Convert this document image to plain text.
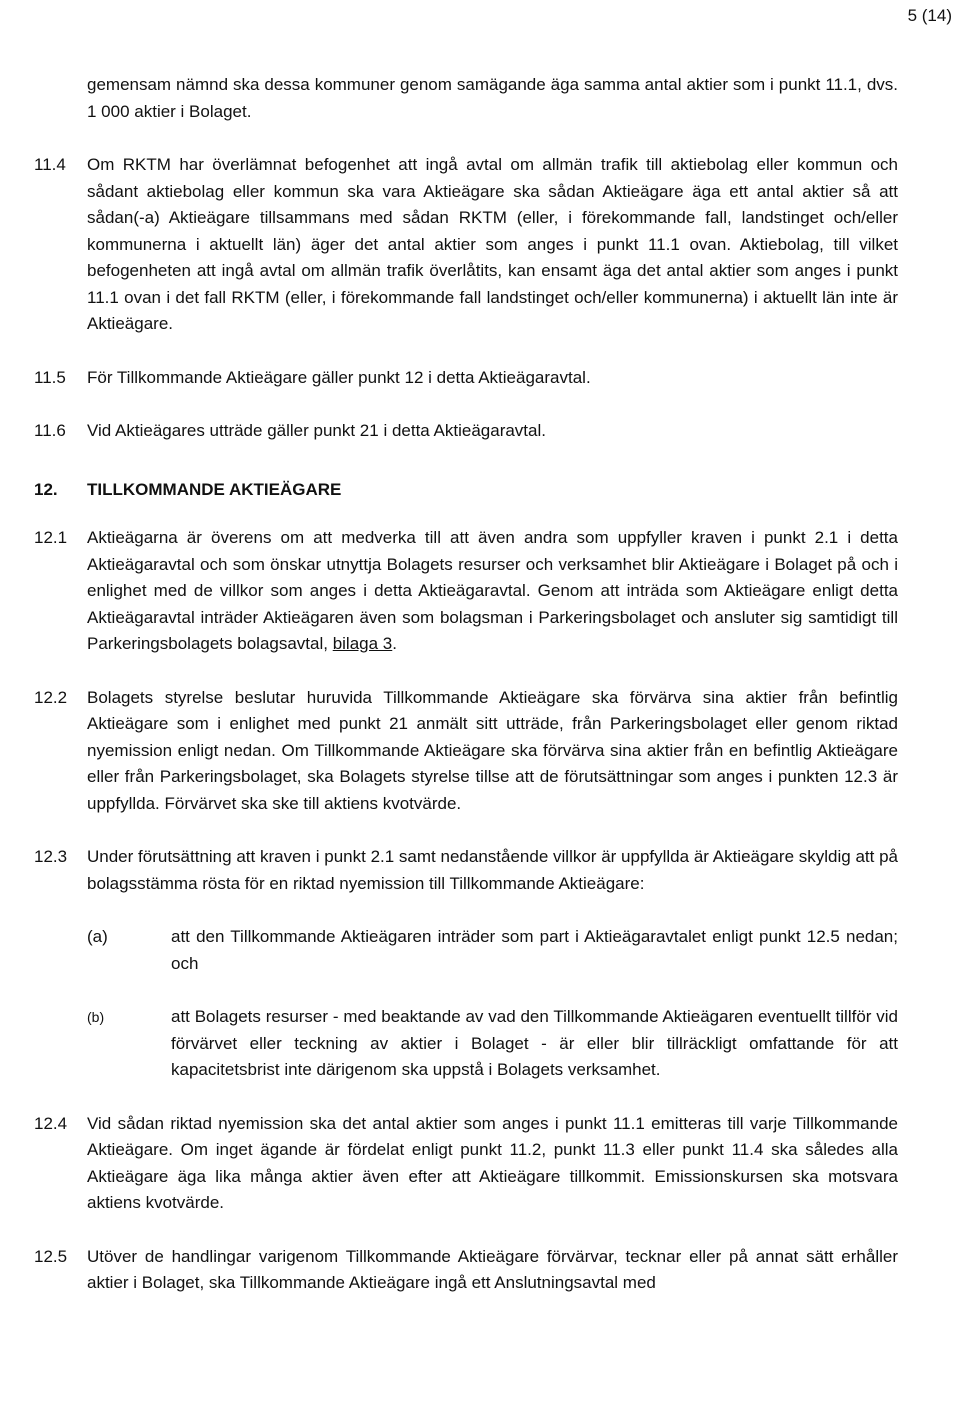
5 (14)
gemensam nämnd ska dessa kommuner genom samägande äga samma antal aktier som i punkt 11.1, dvs. 1 000 aktier i Bolaget.
11.4	Om RKTM har överlämnat befogenhet att ingå avtal om allmän trafik till aktiebolag eller kommun och sådant aktiebolag eller kommun ska vara Aktieägare ska sådan Aktieägare äga ett antal aktier så att sådan(-a) Aktieägare tillsammans med sådan RKTM (eller, i förekommande fall, landstinget och/eller kommunerna i aktuellt län) äger det antal aktier som anges i punkt 11.1 ovan. Aktiebolag, till vilket befogenheten att ingå avtal om allmän trafik överlåtits, kan ensamt äga det antal aktier som anges i punkt 11.1 ovan i det fall RKTM (eller, i förekommande fall landstinget och/eller kommunerna) i aktuellt län inte är Aktieägare.
11.5	För Tillkommande Aktieägare gäller punkt 12 i detta Aktieägaravtal.
11.6	Vid Aktieägares utträde gäller punkt 21 i detta Aktieägaravtal.
12.	TILLKOMMANDE AKTIEÄGARE
12.1	Aktieägarna är överens om att medverka till att även andra som uppfyller kraven i punkt 2.1 i detta Aktieägaravtal och som önskar utnyttja Bolagets resurser och verksamhet blir Aktieägare i Bolaget på och i enlighet med de villkor som anges i detta Aktieägaravtal. Genom att inträda som Aktieägare enligt detta Aktieägaravtal inträder Aktieägaren även som bolagsman i Parkeringsbolaget och ansluter sig samtidigt till Parkeringsbolagets bolagsavtal, bilaga 3.
12.2	Bolagets styrelse beslutar huruvida Tillkommande Aktieägare ska förvärva sina aktier från befintlig Aktieägare som i enlighet med punkt 21 anmält sitt utträde, från Parkeringsbolaget eller genom riktad nyemission enligt nedan. Om Tillkommande Aktieägare ska förvärva sina aktier från en befintlig Aktieägare eller från Parkeringsbolaget, ska Bolagets styrelse tillse att de förutsättningar som anges i punkten 12.3 är uppfyllda. Förvärvet ska ske till aktiens kvotvärde.
12.3	Under förutsättning att kraven i punkt 2.1 samt nedanstående villkor är uppfyllda är Aktieägare skyldig att på bolagsstämma rösta för en riktad nyemission till Tillkommande Aktieägare:
(a)	att den Tillkommande Aktieägaren inträder som part i Aktieägaravtalet enligt punkt 12.5 nedan; och
(b)	att Bolagets resurser - med beaktande av vad den Tillkommande Aktieägaren eventuellt tillför vid förvärvet eller teckning av aktier i Bolaget - är eller blir tillräckligt omfattande för att kapacitetsbrist inte därigenom ska uppstå i Bolagets verksamhet.
12.4	Vid sådan riktad nyemission ska det antal aktier som anges i punkt 11.1 emitteras till varje Tillkommande Aktieägare. Om inget ägande är fördelat enligt punkt 11.2, punkt 11.3 eller punkt 11.4 ska således alla Aktieägare äga lika många aktier även efter att Aktieägare tillkommit. Emissionskursen ska motsvara aktiens kvotvärde.
12.5	Utöver de handlingar varigenom Tillkommande Aktieägare förvärvar, tecknar eller på annat sätt erhåller aktier i Bolaget, ska Tillkommande Aktieägare ingå ett Anslutningsavtal med
